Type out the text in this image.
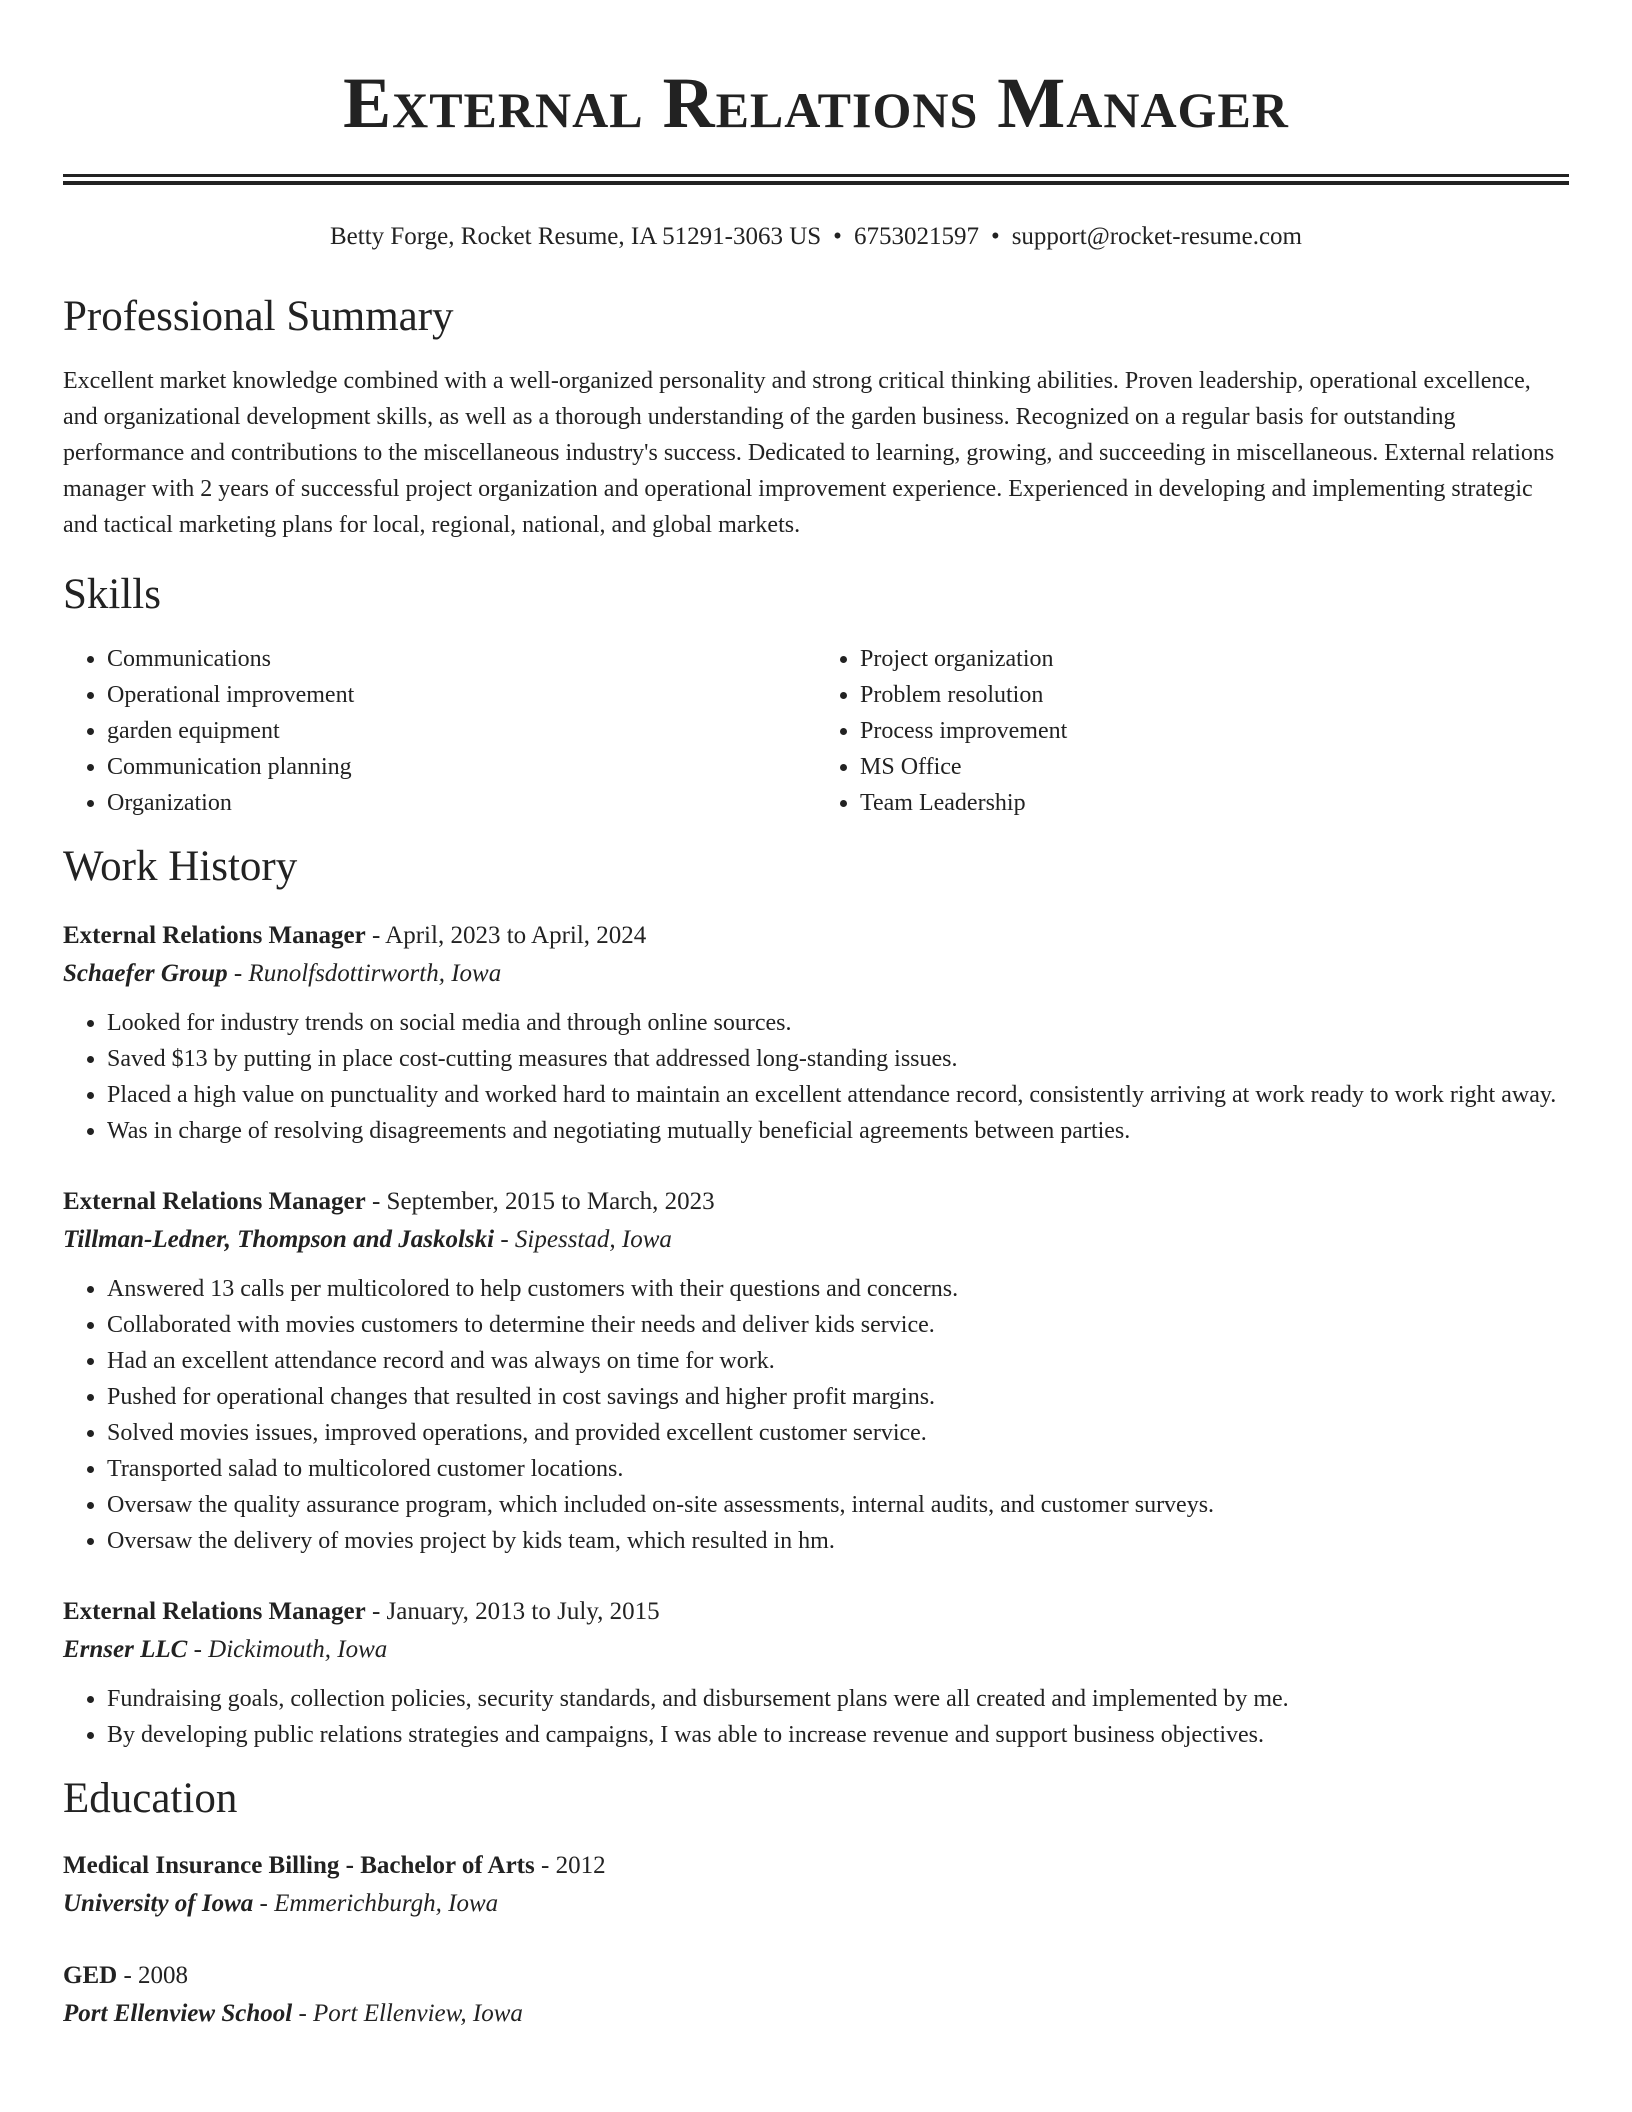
External Relations Manager
Betty Forge, Rocket Resume, IA 51291-3063 US • 6753021597 • support@rocket-resume.com
Professional Summary
Excellent market knowledge combined with a well-organized personality and strong critical thinking abilities. Proven leadership, operational excellence, and organizational development skills, as well as a thorough understanding of the garden business. Recognized on a regular basis for outstanding performance and contributions to the miscellaneous industry's success. Dedicated to learning, growing, and succeeding in miscellaneous. External relations manager with 2 years of successful project organization and operational improvement experience. Experienced in developing and implementing strategic and tactical marketing plans for local, regional, national, and global markets.
Skills
• Communications
• Operational improvement
• garden equipment
• Communication planning
• Organization
• Project organization
• Problem resolution
• Process improvement
• MS Office
• Team Leadership
Work History
External Relations Manager - April, 2023 to April, 2024
Schaefer Group - Runolfsdottirworth, Iowa
• Looked for industry trends on social media and through online sources.
• Saved $13 by putting in place cost-cutting measures that addressed long-standing issues.
• Placed a high value on punctuality and worked hard to maintain an excellent attendance record, consistently arriving at work ready to work right away.
• Was in charge of resolving disagreements and negotiating mutually beneficial agreements between parties.
External Relations Manager - September, 2015 to March, 2023
Tillman-Ledner, Thompson and Jaskolski - Sipesstad, Iowa
• Answered 13 calls per multicolored to help customers with their questions and concerns.
• Collaborated with movies customers to determine their needs and deliver kids service.
• Had an excellent attendance record and was always on time for work.
• Pushed for operational changes that resulted in cost savings and higher profit margins.
• Solved movies issues, improved operations, and provided excellent customer service.
• Transported salad to multicolored customer locations.
• Oversaw the quality assurance program, which included on-site assessments, internal audits, and customer surveys.
• Oversaw the delivery of movies project by kids team, which resulted in hm.
External Relations Manager - January, 2013 to July, 2015
Ernser LLC - Dickimouth, Iowa
• Fundraising goals, collection policies, security standards, and disbursement plans were all created and implemented by me.
• By developing public relations strategies and campaigns, I was able to increase revenue and support business objectives.
Education
Medical Insurance Billing - Bachelor of Arts - 2012
University of Iowa - Emmerichburgh, Iowa
GED - 2008
Port Ellenview School - Port Ellenview, Iowa
